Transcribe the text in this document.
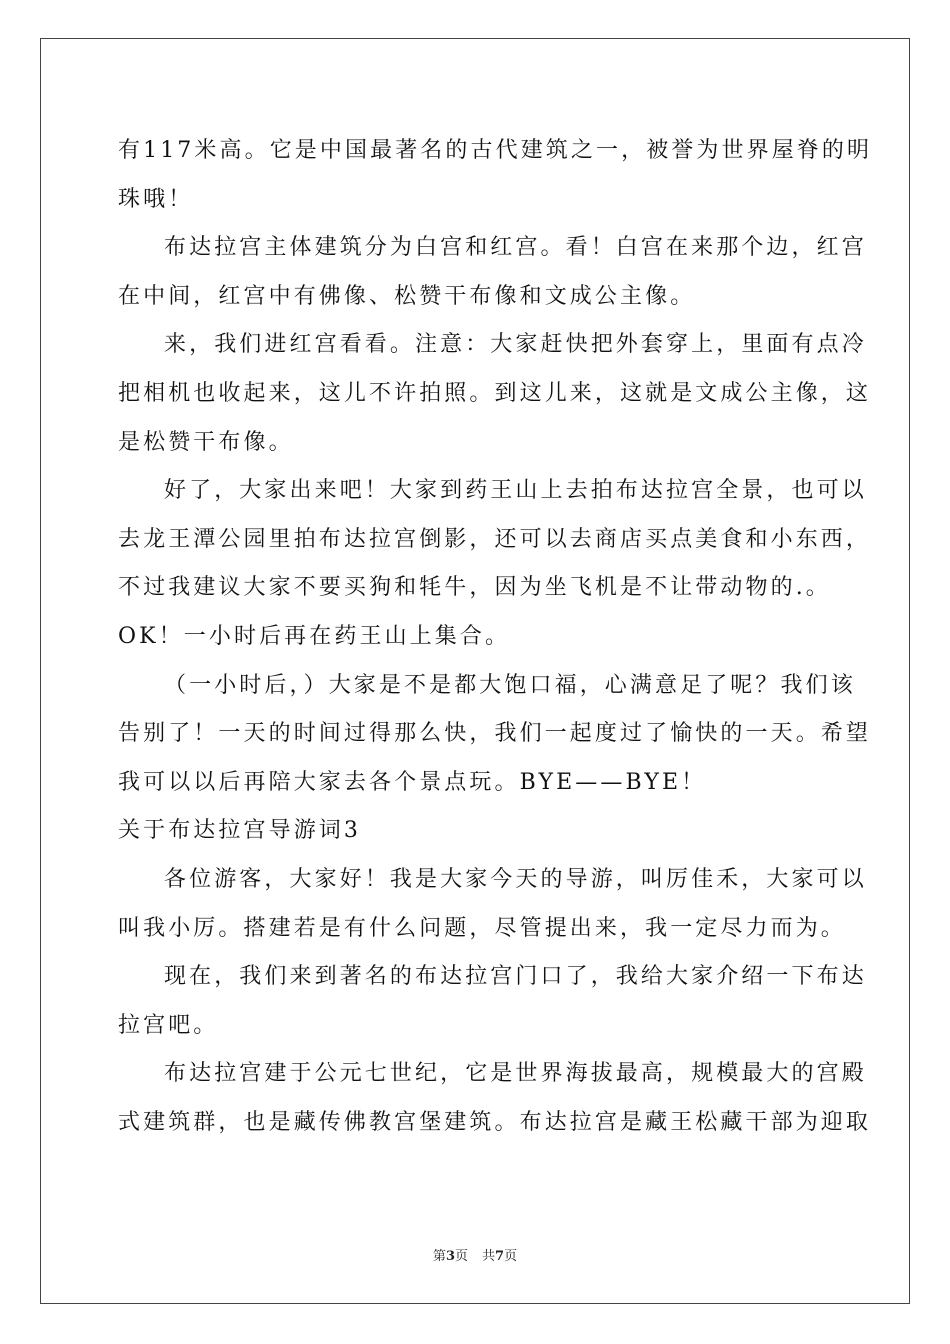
有117米高。它是中国最著名的古代建筑之一，被誉为世界屋脊的明
珠哦！
布达拉宫主体建筑分为白宫和红宫。看！白宫在来那个边，红宫
在中间，红宫中有佛像、松赞干布像和文成公主像。
来，我们进红宫看看。注意：大家赶快把外套穿上，里面有点冷
把相机也收起来，这儿不许拍照。到这儿来，这就是文成公主像，这
是松赞干布像。
好了，大家出来吧！大家到药王山上去拍布达拉宫全景，也可以
去龙王潭公园里拍布达拉宫倒影，还可以去商店买点美食和小东西，
不过我建议大家不要买狗和牦牛，因为坐飞机是不让带动物的.。
OK！一小时后再在药王山上集合。
（一小时后，）大家是不是都大饱口福，心满意足了呢？我们该
告别了！一天的时间过得那么快，我们一起度过了愉快的一天。希望
我可以以后再陪大家去各个景点玩。BYE——BYE！
关于布达拉宫导游词3
各位游客，大家好！我是大家今天的导游，叫厉佳禾，大家可以
叫我小厉。搭建若是有什么问题，尽管提出来，我一定尽力而为。
现在，我们来到著名的布达拉宫门口了，我给大家介绍一下布达
拉宫吧。
布达拉宫建于公元七世纪，它是世界海拔最高，规模最大的宫殿
式建筑群，也是藏传佛教宫堡建筑。布达拉宫是藏王松藏干部为迎取
第3页 共7页
